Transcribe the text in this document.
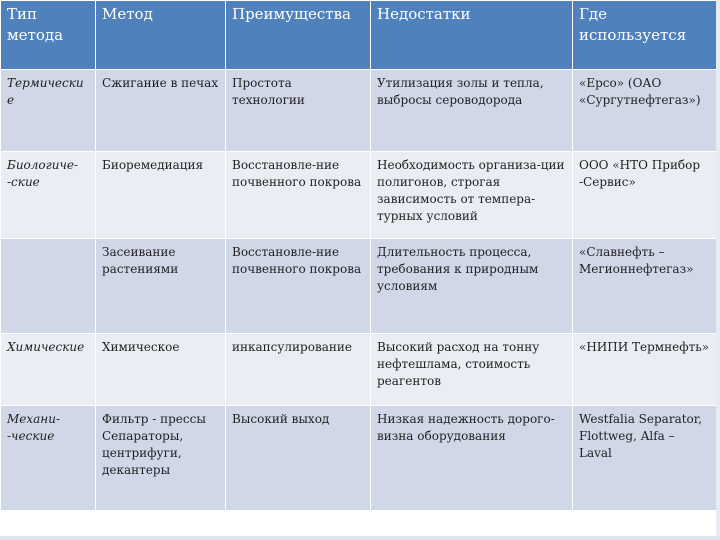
Тип метода	Метод	Преимущества	Недостатки	Где используется
Термические	Сжигание в печах	Простота технологии	Утилизация золы и тепла, выбросы сероводорода	«Epco» (ОАО «Сургутнефтегаз»)
Биологиче- -ские	Биоремедиация	Восстановле-ние почвенного покрова	Необходимость организа-ции полигонов, строгая зависимость от темпера-турных условий	ООО «НТО Прибор -Сервис»
	Засеивание растениями	Восстановле-ние почвенного покрова	Длительность процесса, требования к природным условиям	«Славнефть – Мегионнефтегаз»
Химические	Химическое	инкапсулирование	Высокий расход на тонну нефтешлама, стоимость реагентов	«НИПИ Термнефть»
Механи- -ческие	Фильтр - прессы Сепараторы, центрифуги, декантеры	Высокий выход	Низкая надежность дорого-визна оборудования	Westfalia Separator, Flottweg, Alfa – Laval
